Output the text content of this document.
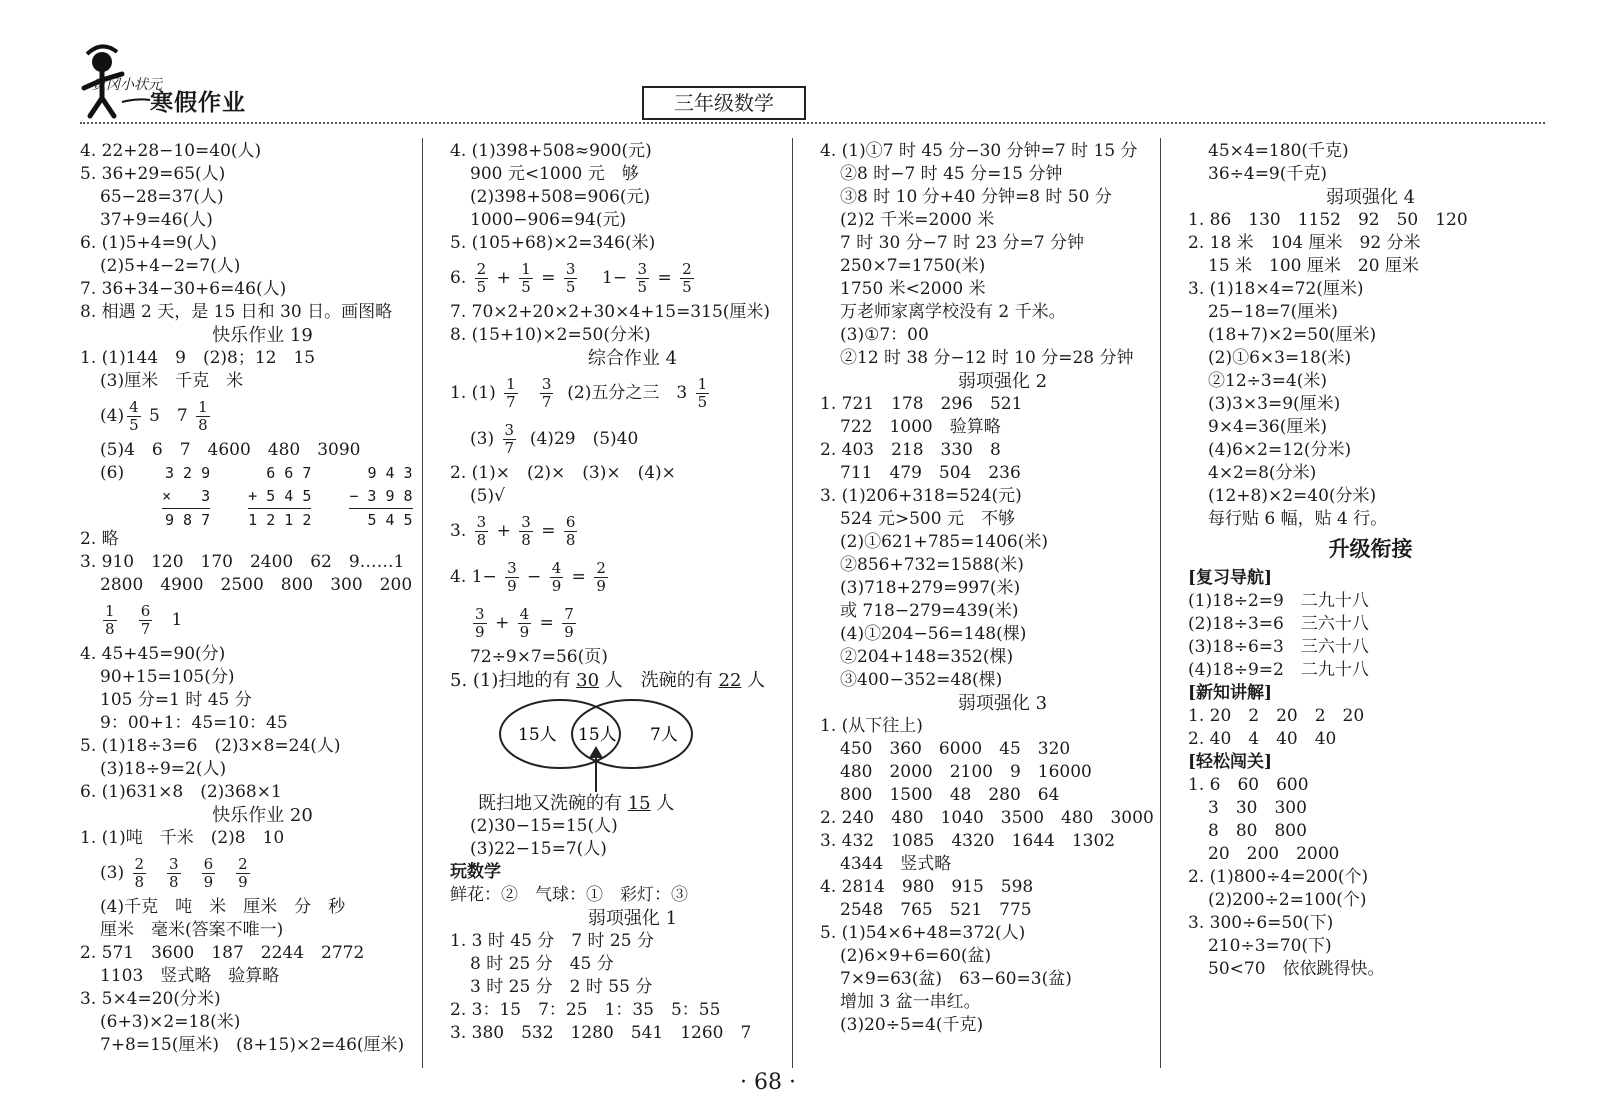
黄冈小状元
寒假作业	三年级数学
4. 22+28−10=40(人)
5. 36+29=65(人)
65−28=37(人)
37+9=46(人)
6. (1)5+4=9(人)
(2)5+4−2=7(人)
7. 36+34−30+6=46(人)
8. 相遇 2 天，是 15 日和 30 日。画图略
快乐作业 19
1. (1)144　9　(2)8；12　15
(3)厘米　千克　米
$(4) \frac{4}{5} 5$　$7 \frac{1}{8}$
(5)4　6　7　4600　480　3090
(6)	3 2 9
×　　3
9 8 7
6 6 7
+ 5 4 5
1 2 1 2
9 4 3
− 3 9 8
5 4 5
2. 略
3. 910　120　170　2400　62　9……1
2800　4900　2500　800　300　200
$\frac{1}{8}$
$\frac{6}{7} 1$
4. 45+45=90(分)
90+15=105(分)
105 分=1 时 45 分
9：00+1：45=10：45
5. (1)18÷3=6　(2)3×8=24(人)
(3)18÷9=2(人)
6. (1)631×8　(2)368×1
快乐作业 20
1. (1)吨　千米　(2)8　10
$(3) \frac{2}{8} \frac{3}{8} \frac{6}{9} \frac{2}{9}$
(4)千克　吨　米　厘米　分　秒
厘米　毫米(答案不唯一)
2. 571　3600　187　2244　2772
1103　竖式略　验算略
3. 5×4=20(分米)
(6+3)×2=18(米)
7+8=15(厘米)　(8+15)×2=46(厘米)
4. (1)398+508≈900(元)
900 元<1000 元　够
(2)398+508=906(元)
1000−906=94(元)
5. (105+68)×2=346(米)
6. $\frac{2}{5} + \frac{1}{5} = \frac{3}{5} 1- \frac{3}{5} = \frac{2}{5}$
7. 70×2+20×2+30×4+15=315(厘米)
8. (15+10)×2=50(分米)
综合作业 4
1. $(1) \frac{1}{7}$
$\frac{3}{7} (2)$五分之三　$3 \frac{1}{5}$
$(3) \frac{3}{7} (4)29$　(5)40
2. (1)×　(2)×　(3)×　(4)×
(5)√
3. $\frac{3}{8} + \frac{3}{8} = \frac{6}{8}$
4. $1- \frac{3}{9} - \frac{4}{9} = \frac{2}{9}$
$\frac{3}{9} + \frac{4}{9} = \frac{7}{9}$
72÷9×7=56(页)
5. (1)扫地的有 30 人　洗碗的有 22 人
15人 15人 7人
既扫地又洗碗的有 15 人
(2)30−15=15(人)
(3)22−15=7(人)
玩数学
鲜花：②　气球：①　彩灯：③
弱项强化 1
1. 3 时 45 分　7 时 25 分
8 时 25 分　45 分
3 时 25 分　2 时 55 分
2. 3：15　7：25　1：35　5：55
3. 380　532　1280　541　1260　7
4. (1)①7 时 45 分−30 分钟=7 时 15 分
②8 时−7 时 45 分=15 分钟
③8 时 10 分+40 分钟=8 时 50 分
(2)2 千米=2000 米
7 时 30 分−7 时 23 分=7 分钟
250×7=1750(米)
1750 米<2000 米
万老师家离学校没有 2 千米。
(3)①7：00
②12 时 38 分−12 时 10 分=28 分钟
弱项强化 2
1. 721　178　296　521
722　1000　验算略
2. 403　218　330　8
711　479　504　236
3. (1)206+318=524(元)
524 元>500 元　不够
(2)①621+785=1406(米)
②856+732=1588(米)
(3)718+279=997(米)
或 718−279=439(米)
(4)①204−56=148(棵)
②204+148=352(棵)
③400−352=48(棵)
弱项强化 3
1. (从下往上)
450　360　6000　45　320
480　2000　2100　9　16000
800　1500　48　280　64
2. 240　480　1040　3500　480　3000
3. 432　1085　4320　1644　1302
4344　竖式略
4. 2814　980　915　598
2548　765　521　775
5. (1)54×6+48=372(人)
(2)6×9+6=60(盆)
7×9=63(盆)　63−60=3(盆)
增加 3 盆一串红。
(3)20÷5=4(千克)
45×4=180(千克)
36÷4=9(千克)
弱项强化 4
1. 86　130　1152　92　50　120
2. 18 米　104 厘米　92 分米
15 米　100 厘米　20 厘米
3. (1)18×4=72(厘米)
25−18=7(厘米)
(18+7)×2=50(厘米)
(2)①6×3=18(米)
②12÷3=4(米)
(3)3×3=9(厘米)
9×4=36(厘米)
(4)6×2=12(分米)
4×2=8(分米)
(12+8)×2=40(分米)
每行贴 6 幅，贴 4 行。
升级衔接
[复习导航]
(1)18÷2=9　二九十八
(2)18÷3=6　三六十八
(3)18÷6=3　三六十八
(4)18÷9=2　二九十八
[新知讲解]
1. 20　2　20　2　20
2. 40　4　40　40
[轻松闯关]
1. 6　60　600
3　30　300
8　80　800
20　200　2000
2. (1)800÷4=200(个)
(2)200÷2=100(个)
3. 300÷6=50(下)
210÷3=70(下)
50<70　依依跳得快。
· 68 ·
